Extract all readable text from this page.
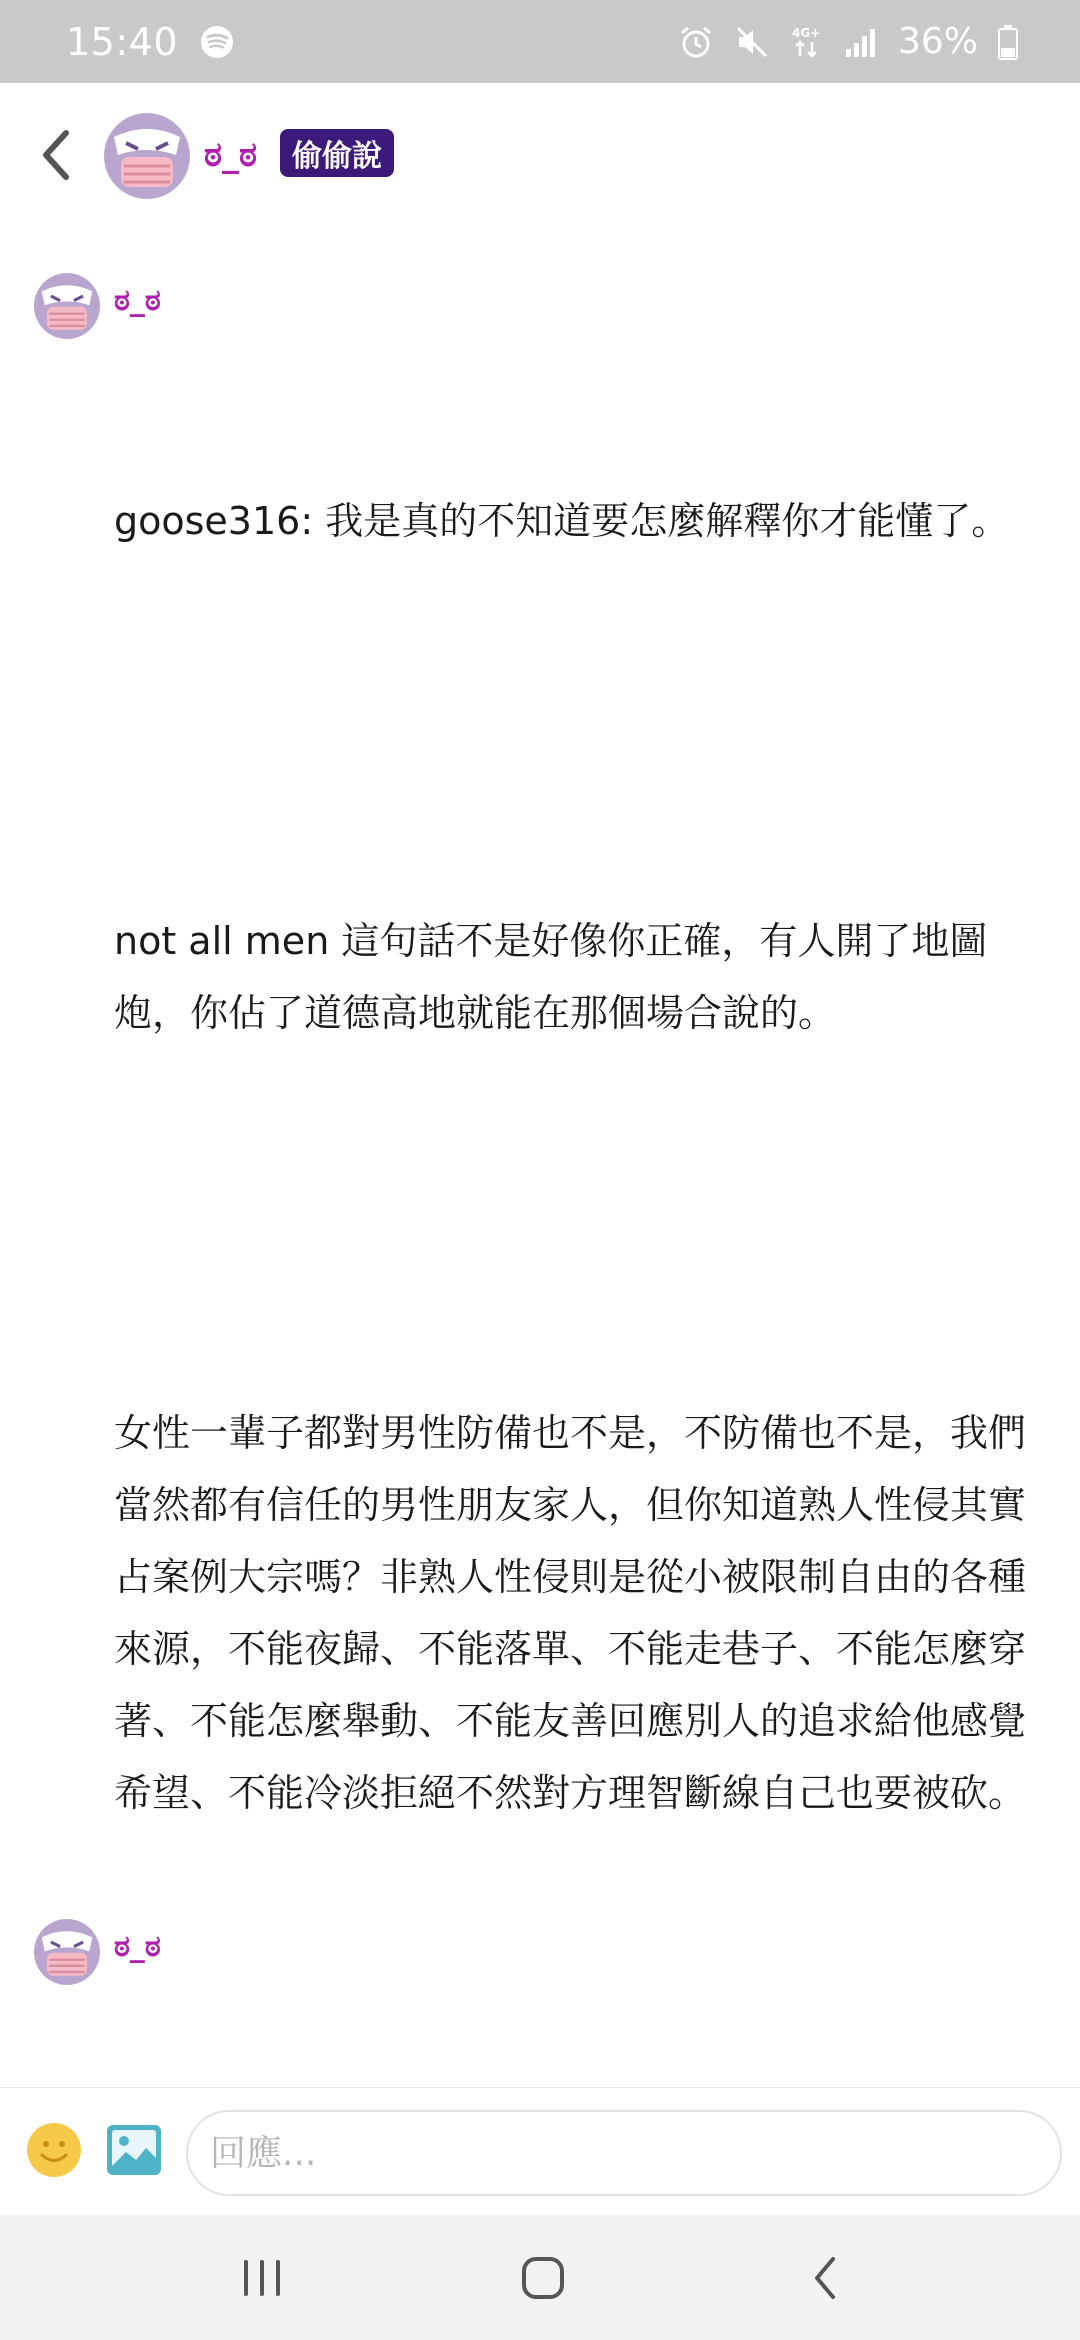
15:40	4G+ 36%
ಠ_ಠ	偷偷說
ಠ_ಠ

goose316: 我是真的不知道要怎麼解釋你才能懂了。

not all men 這句話不是好像你正確，有人開了地圖炮，你佔了道德高地就能在那個場合說的。

女性一輩子都對男性防備也不是，不防備也不是，我們當然都有信任的男性朋友家人，但你知道熟人性侵其實占案例大宗嗎？非熟人性侵則是從小被限制自由的各種來源，不能夜歸、不能落單、不能走巷子、不能怎麼穿著、不能怎麼舉動、不能友善回應別人的追求給他感覺希望、不能冷淡拒絕不然對方理智斷線自己也要被砍。

ಠ_ಠ

回應...
